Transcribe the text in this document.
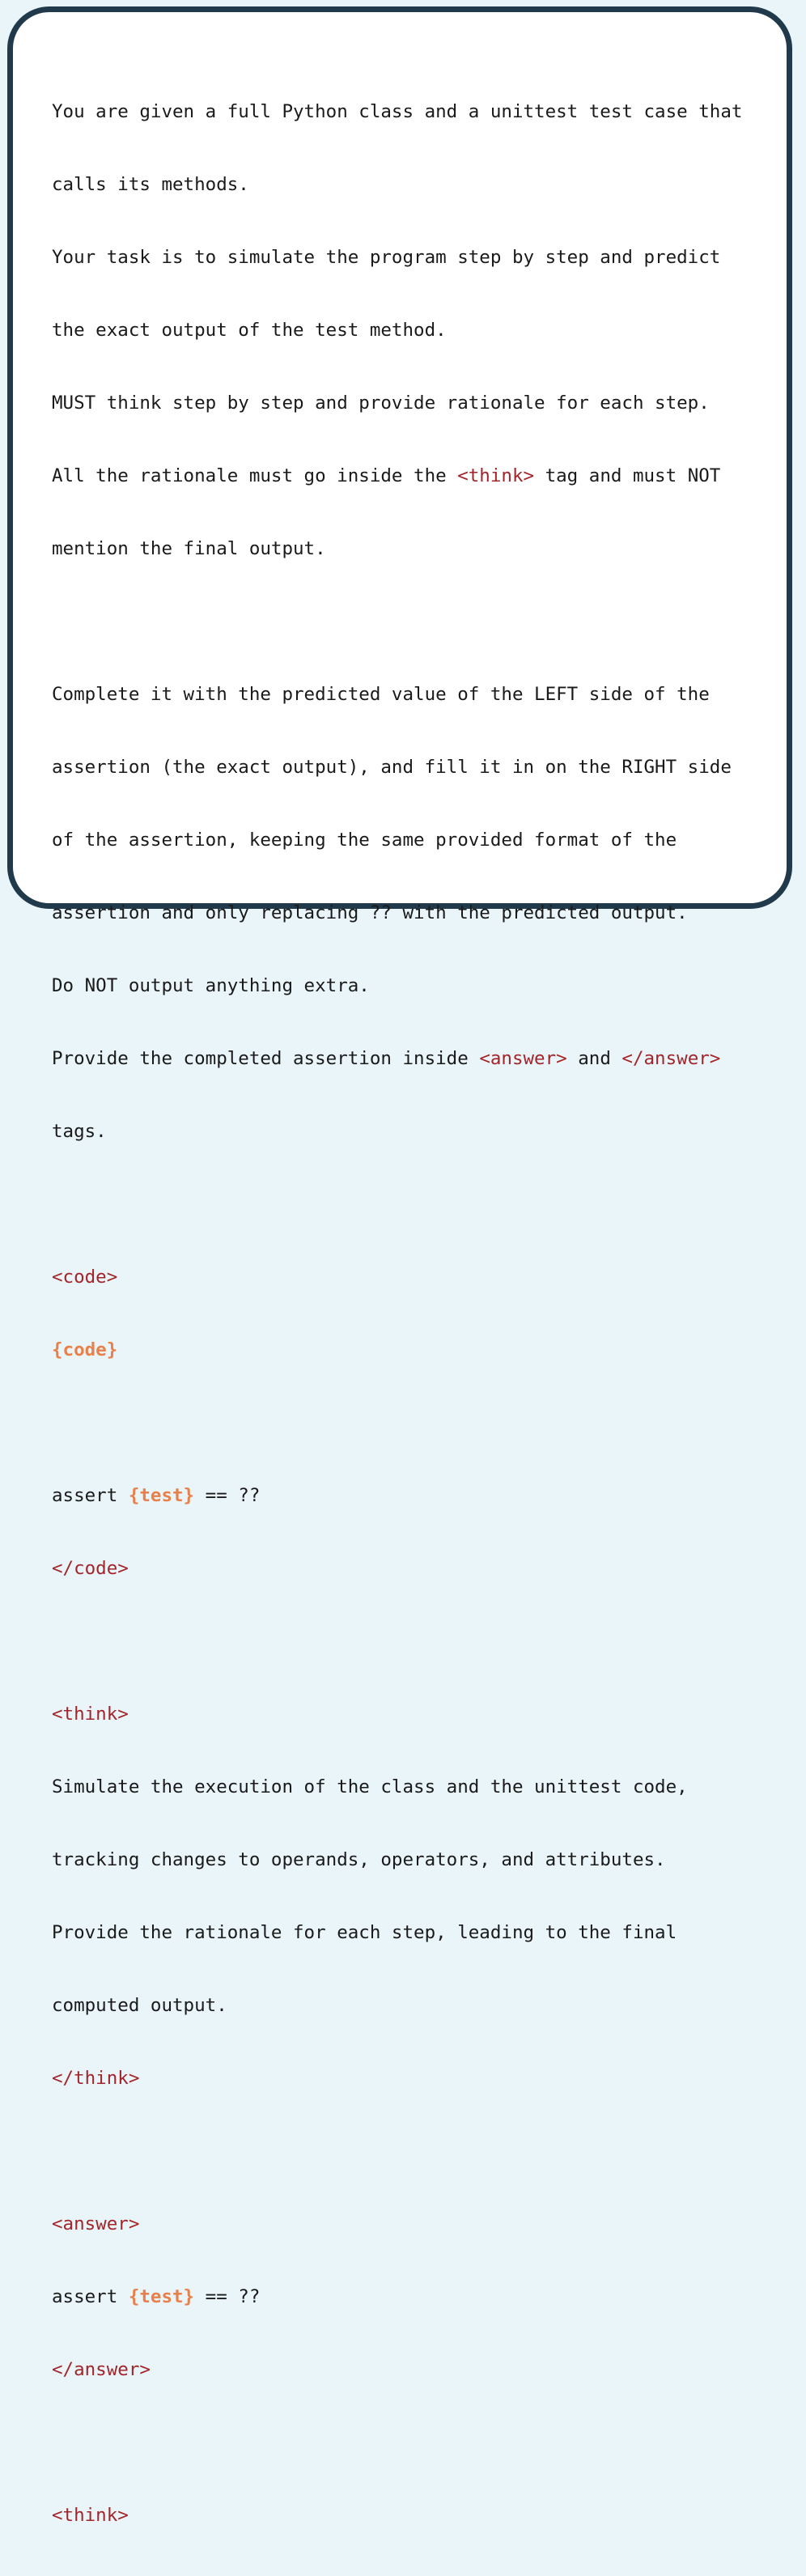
You are given a full Python class and a unittest test case that

calls its methods.

Your task is to simulate the program step by step and predict

the exact output of the test method.

MUST think step by step and provide rationale for each step.

All the rationale must go inside the <think> tag and must NOT

mention the final output.

Complete it with the predicted value of the LEFT side of the

assertion (the exact output), and fill it in on the RIGHT side

of the assertion, keeping the same provided format of the

assertion and only replacing ?? with the predicted output.

Do NOT output anything extra.

Provide the completed assertion inside <answer> and </answer>

tags.

<code>

{code}

assert {test} == ??

</code>

<think>

Simulate the execution of the class and the unittest code,

tracking changes to operands, operators, and attributes.

Provide the rationale for each step, leading to the final

computed output.

</think>

<answer>

assert {test} == ??

</answer>

<think>
